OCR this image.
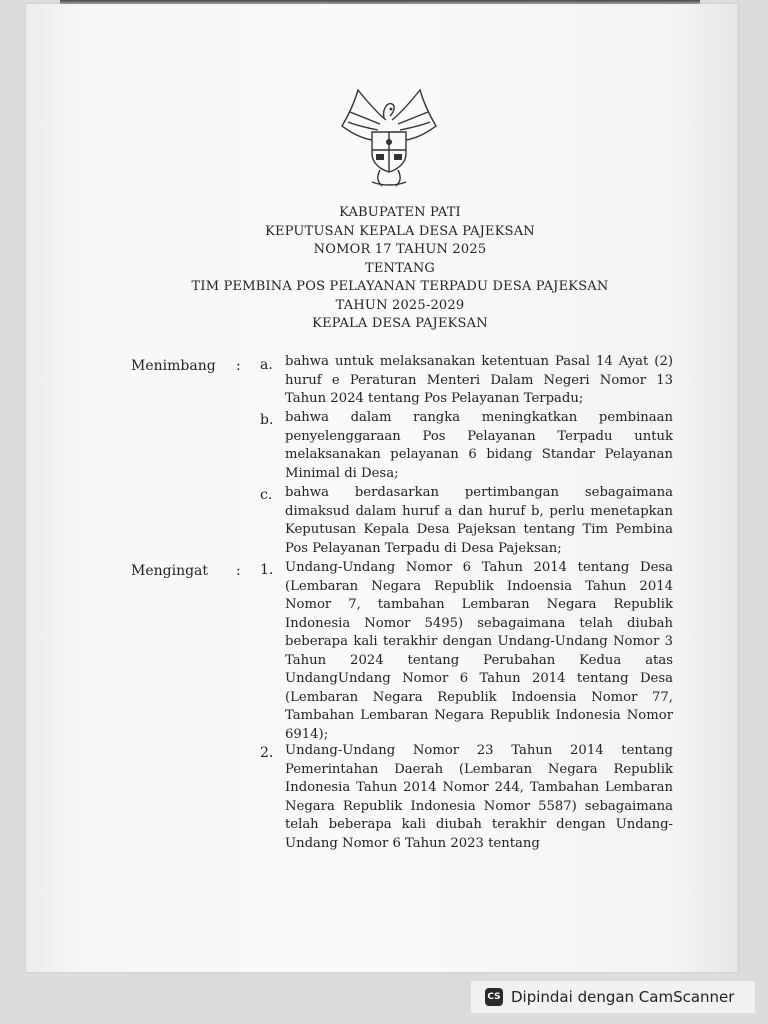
KABUPATEN PATI
KEPUTUSAN KEPALA DESA PAJEKSAN
NOMOR 17 TAHUN 2025
TENTANG
TIM PEMBINA POS PELAYANAN TERPADU DESA PAJEKSAN
TAHUN 2025-2029
KEPALA DESA PAJEKSAN
Menimbang : a. bahwa untuk melaksanakan ketentuan Pasal 14 Ayat (2) huruf e Peraturan Menteri Dalam Negeri Nomor 13 Tahun 2024 tentang Pos Pelayanan Terpadu;
b. bahwa dalam rangka meningkatkan pembinaan penyelenggaraan Pos Pelayanan Terpadu untuk melaksanakan pelayanan 6 bidang Standar Pelayanan Minimal di Desa;
c. bahwa berdasarkan pertimbangan sebagaimana dimaksud dalam huruf a dan huruf b, perlu menetapkan Keputusan Kepala Desa Pajeksan tentang Tim Pembina Pos Pelayanan Terpadu di Desa Pajeksan;
Mengingat : 1. Undang-Undang Nomor 6 Tahun 2014 tentang Desa (Lembaran Negara Republik Indoensia Tahun 2014 Nomor 7, tambahan Lembaran Negara Republik Indonesia Nomor 5495) sebagaimana telah diubah beberapa kali terakhir dengan Undang-Undang Nomor 3 Tahun 2024 tentang Perubahan Kedua atas UndangUndang Nomor 6 Tahun 2014 tentang Desa (Lembaran Negara Republik Indoensia Nomor 77, Tambahan Lembaran Negara Republik Indonesia Nomor 6914);
2. Undang-Undang Nomor 23 Tahun 2014 tentang Pemerintahan Daerah (Lembaran Negara Republik Indonesia Tahun 2014 Nomor 244, Tambahan Lembaran Negara Republik Indonesia Nomor 5587) sebagaimana telah beberapa kali diubah terakhir dengan Undang-Undang Nomor 6 Tahun 2023 tentang
CS Dipindai dengan CamScanner
